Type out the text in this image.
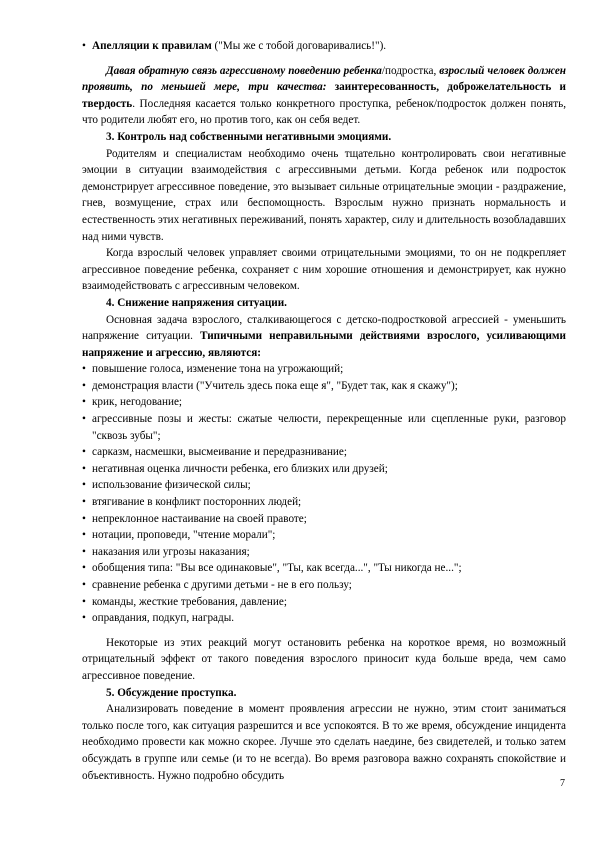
• Апелляции к правилам ("Мы же с тобой договаривались!").

Давая обратную связь агрессивному поведению ребенка/подростка, взрослый человек должен проявить, по меньшей мере, три качества: заинтересованность, доброжелательность и твердость. Последняя касается только конкретного проступка, ребенок/подросток должен понять, что родители любят его, но против того, как он себя ведет.

3. Контроль над собственными негативными эмоциями.

Родителям и специалистам необходимо очень тщательно контролировать свои негативные эмоции в ситуации взаимодействия с агрессивными детьми. Когда ребенок или подросток демонстрирует агрессивное поведение, это вызывает сильные отрицательные эмоции - раздражение, гнев, возмущение, страх или беспомощность. Взрослым нужно признать нормальность и естественность этих негативных переживаний, понять характер, силу и длительность возобладавших над ними чувств.

Когда взрослый человек управляет своими отрицательными эмоциями, то он не подкрепляет агрессивное поведение ребенка, сохраняет с ним хорошие отношения и демонстрирует, как нужно взаимодействовать с агрессивным человеком.

4. Снижение напряжения ситуации.

Основная задача взрослого, сталкивающегося с детско-подростковой агрессией - уменьшить напряжение ситуации. Типичными неправильными действиями взрослого, усиливающими напряжение и агрессию, являются:

• повышение голоса, изменение тона на угрожающий;
• демонстрация власти ("Учитель здесь пока еще я", "Будет так, как я скажу");
• крик, негодование;
• агрессивные позы и жесты: сжатые челюсти, перекрещенные или сцепленные руки, разговор "сквозь зубы";
• сарказм, насмешки, высмеивание и передразнивание;
• негативная оценка личности ребенка, его близких или друзей;
• использование физической силы;
• втягивание в конфликт посторонних людей;
• непреклонное настаивание на своей правоте;
• нотации, проповеди, "чтение морали";
• наказания или угрозы наказания;
• обобщения типа: "Вы все одинаковые", "Ты, как всегда...", "Ты никогда не...";
• сравнение ребенка с другими детьми - не в его пользу;
• команды, жесткие требования, давление;
• оправдания, подкуп, награды.

Некоторые из этих реакций могут остановить ребенка на короткое время, но возможный отрицательный эффект от такого поведения взрослого приносит куда больше вреда, чем само агрессивное поведение.

5. Обсуждение проступка.

Анализировать поведение в момент проявления агрессии не нужно, этим стоит заниматься только после того, как ситуация разрешится и все успокоятся. В то же время, обсуждение инцидента необходимо провести как можно скорее. Лучше это сделать наедине, без свидетелей, и только затем обсуждать в группе или семье (и то не всегда). Во время разговора важно сохранять спокойствие и объективность. Нужно подробно обсудить

7
